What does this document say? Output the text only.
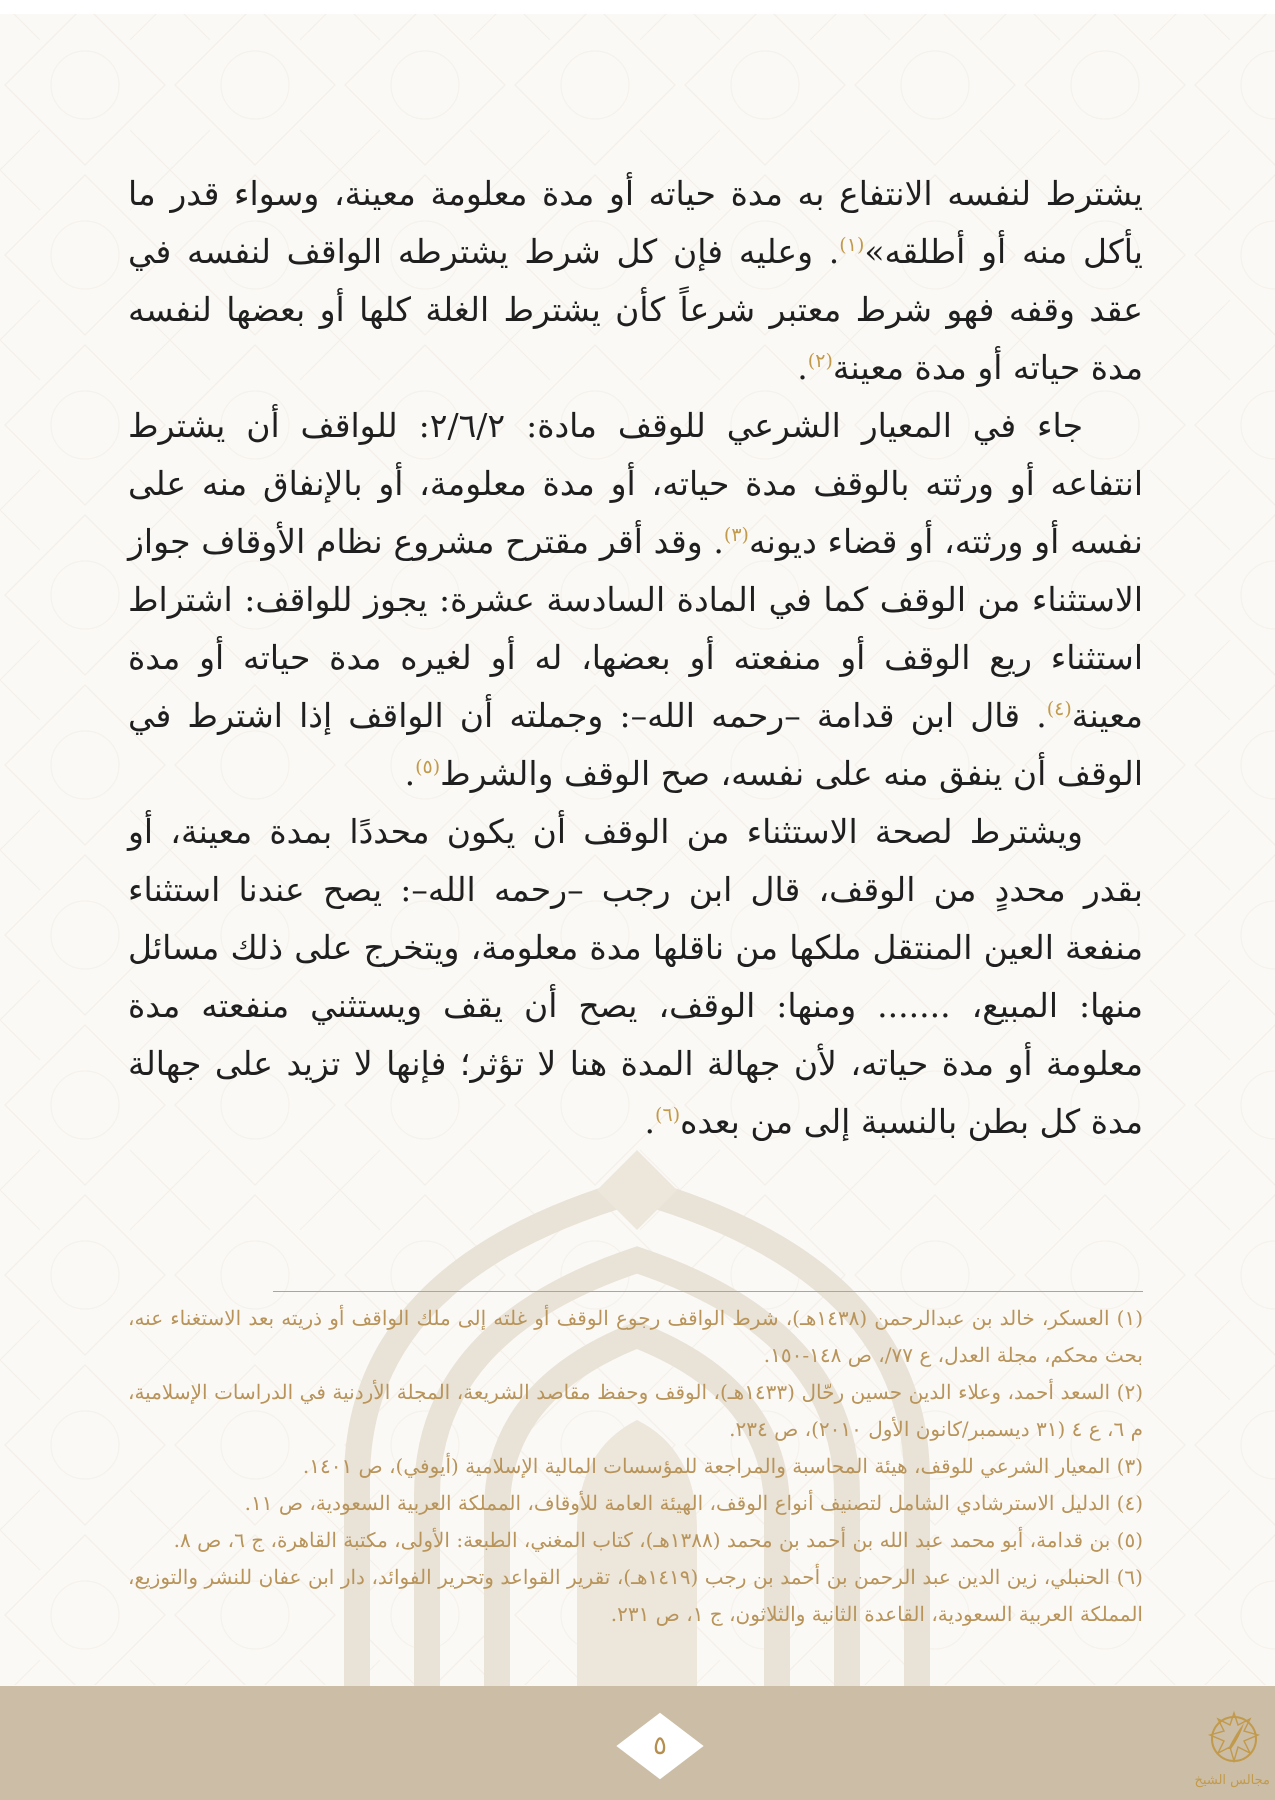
يشترط لنفسه الانتفاع به مدة حياته أو مدة معلومة معينة، وسواء قدر ما يأكل منه أو أطلقه»$^{(١)}$. وعليه فإن كل شرط يشترطه الواقف لنفسه في عقد وقفه فهو شرط معتبر شرعاً كأن يشترط الغلة كلها أو بعضها لنفسه مدة حياته أو مدة معينة$^{(٢)}$.

جاء في المعيار الشرعي للوقف مادة: ٢/٦/٢: للواقف أن يشترط انتفاعه أو ورثته بالوقف مدة حياته، أو مدة معلومة، أو بالإنفاق منه على نفسه أو ورثته، أو قضاء ديونه$^{(٣)}$. وقد أقر مقترح مشروع نظام الأوقاف جواز الاستثناء من الوقف كما في المادة السادسة عشرة: يجوز للواقف: اشتراط استثناء ريع الوقف أو منفعته أو بعضها، له أو لغيره مدة حياته أو مدة معينة$^{(٤)}$. قال ابن قدامة –رحمه الله–: وجملته أن الواقف إذا اشترط في الوقف أن ينفق منه على نفسه، صح الوقف والشرط$^{(٥)}$.

ويشترط لصحة الاستثناء من الوقف أن يكون محددًا بمدة معينة، أو بقدر محددٍ من الوقف، قال ابن رجب –رحمه الله–: يصح عندنا استثناء منفعة العين المنتقل ملكها من ناقلها مدة معلومة، ويتخرج على ذلك مسائل منها: المبيع، ....... ومنها: الوقف، يصح أن يقف ويستثني منفعته مدة معلومة أو مدة حياته، لأن جهالة المدة هنا لا تؤثر؛ فإنها لا تزيد على جهالة مدة كل بطن بالنسبة إلى من بعده$^{(٦)}$.

(١) العسكر، خالد بن عبدالرحمن (١٤٣٨هـ)، شرط الواقف رجوع الوقف أو غلته إلى ملك الواقف أو ذريته بعد الاستغناء عنه، بحث محكم، مجلة العدل، ع ٧٧/، ص ١٤٨-١٥٠.

(٢) السعد أحمد، وعلاء الدين حسين رحّال (١٤٣٣هـ)، الوقف وحفظ مقاصد الشريعة، المجلة الأردنية في الدراسات الإسلامية، م ٦، ع ٤ (٣١ ديسمبر/كانون الأول ٢٠١٠)، ص ٢٣٤.

(٣) المعيار الشرعي للوقف، هيئة المحاسبة والمراجعة للمؤسسات المالية الإسلامية (أيوفي)، ص ١٤٠١.

(٤) الدليل الاسترشادي الشامل لتصنيف أنواع الوقف، الهيئة العامة للأوقاف، المملكة العربية السعودية، ص ١١.

(٥) بن قدامة، أبو محمد عبد الله بن أحمد بن محمد (١٣٨٨هـ)، كتاب المغني، الطبعة: الأولى، مكتبة القاهرة، ج ٦، ص ٨.

(٦) الحنبلي، زين الدين عبد الرحمن بن أحمد بن رجب (١٤١٩هـ)، تقرير القواعد وتحرير الفوائد، دار ابن عفان للنشر والتوزيع، المملكة العربية السعودية، القاعدة الثانية والثلاثون، ج ١، ص ٢٣١.

٥
مجالس الشيخ
